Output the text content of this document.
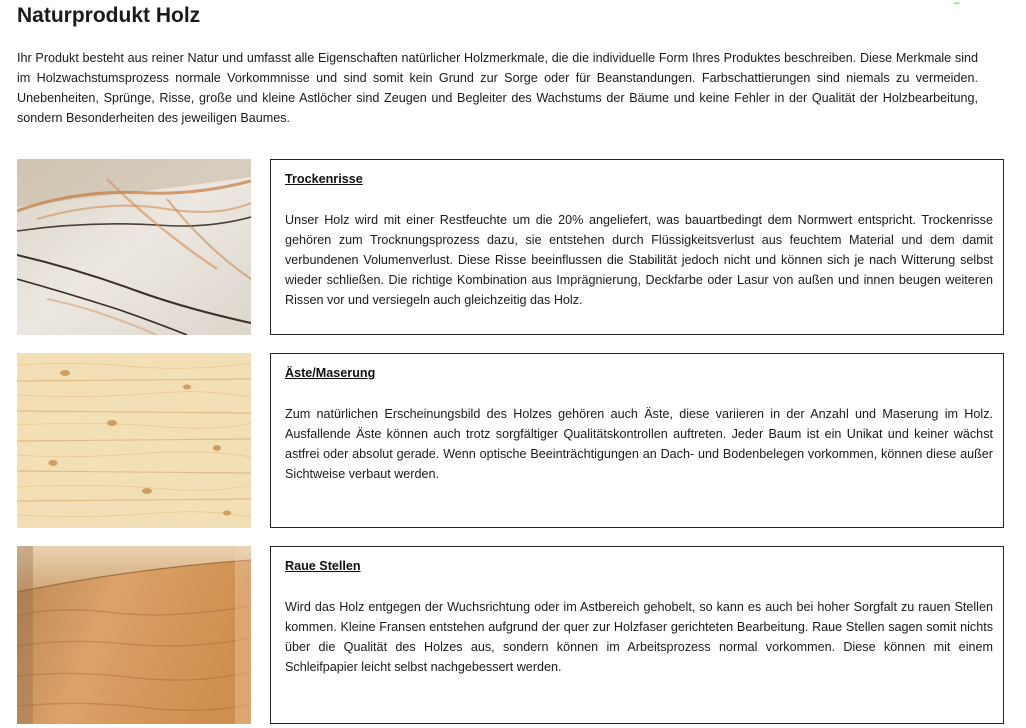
▁
Naturprodukt Holz

Ihr Produkt besteht aus reiner Natur und umfasst alle Eigenschaften natürlicher Holzmerkmale, die die individuelle Form Ihres Produktes beschreiben. Diese Merkmale sind im Holzwachstumsprozess normale Vorkommnisse und sind somit kein Grund zur Sorge oder für Beanstandungen. Farbschattierungen sind niemals zu vermeiden. Unebenheiten, Sprünge, Risse, große und kleine Astlöcher sind Zeugen und Begleiter des Wachstums der Bäume und keine Fehler in der Qualität der Holzbearbeitung, sondern Besonderheiten des jeweiligen Baumes.

Trockenrisse

Unser Holz wird mit einer Restfeuchte um die 20% angeliefert, was bauartbedingt dem Normwert entspricht. Trockenrisse gehören zum Trocknungsprozess dazu, sie entstehen durch Flüssigkeitsverlust aus feuchtem Material und dem damit verbundenen Volumenverlust. Diese Risse beeinflussen die Stabilität jedoch nicht und können sich je nach Witterung selbst wieder schließen. Die richtige Kombination aus Imprägnierung, Deckfarbe oder Lasur von außen und innen beugen weiteren Rissen vor und versiegeln auch gleichzeitig das Holz.

Äste/Maserung

Zum natürlichen Erscheinungsbild des Holzes gehören auch Äste, diese variieren in der Anzahl und Maserung im Holz. Ausfallende Äste können auch trotz sorgfältiger Qualitätskontrollen auftreten. Jeder Baum ist ein Unikat und keiner wächst astfrei oder absolut gerade. Wenn optische Beeinträchtigungen an Dach- und Bodenbelegen vorkommen, können diese außer Sichtweise verbaut werden.

Raue Stellen

Wird das Holz entgegen der Wuchsrichtung oder im Astbereich gehobelt, so kann es auch bei hoher Sorgfalt zu rauen Stellen kommen. Kleine Fransen entstehen aufgrund der quer zur Holzfaser gerichteten Bearbeitung. Raue Stellen sagen somit nichts über die Qualität des Holzes aus, sondern können im Arbeitsprozess normal vorkommen. Diese können mit einem Schleifpapier leicht selbst nachgebessert werden.
